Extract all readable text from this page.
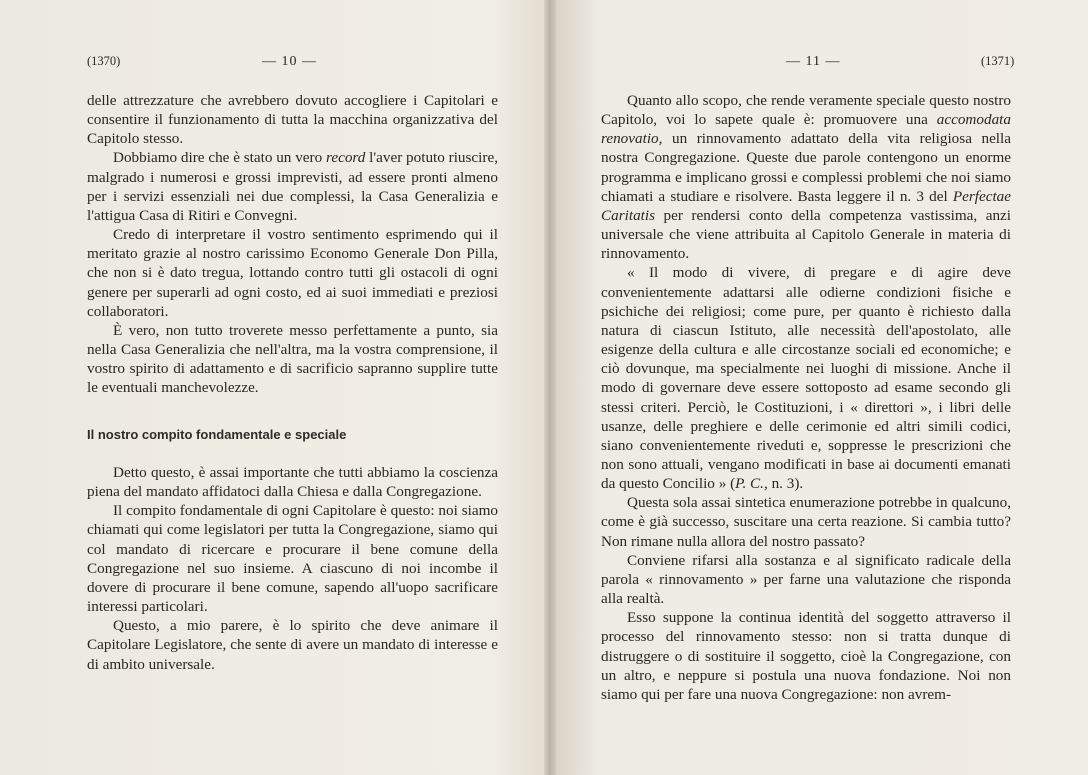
(1370)	— 10 —

delle attrezzature che avrebbero dovuto accogliere i Capitolari e consentire il funzionamento di tutta la macchina organizzativa del Capitolo stesso.

Dobbiamo dire che è stato un vero record l'aver potuto riuscire, malgrado i numerosi e grossi imprevisti, ad essere pronti almeno per i servizi essenziali nei due complessi, la Casa Generalizia e l'attigua Casa di Ritiri e Convegni.

Credo di interpretare il vostro sentimento esprimendo qui il meritato grazie al nostro carissimo Economo Generale Don Pilla, che non si è dato tregua, lottando contro tutti gli ostacoli di ogni genere per superarli ad ogni costo, ed ai suoi immediati e preziosi collaboratori.

È vero, non tutto troverete messo perfettamente a punto, sia nella Casa Generalizia che nell'altra, ma la vostra comprensione, il vostro spirito di adattamento e di sacrificio sapranno supplire tutte le eventuali manchevolezze.

Il nostro compito fondamentale e speciale

Detto questo, è assai importante che tutti abbiamo la coscienza piena del mandato affidatoci dalla Chiesa e dalla Congregazione.

Il compito fondamentale di ogni Capitolare è questo: noi siamo chiamati qui come legislatori per tutta la Congregazione, siamo qui col mandato di ricercare e procurare il bene comune della Congregazione nel suo insieme. A ciascuno di noi incombe il dovere di procurare il bene comune, sapendo all'uopo sacrificare interessi particolari.

Questo, a mio parere, è lo spirito che deve animare il Capitolare Legislatore, che sente di avere un mandato di interesse e di ambito universale.

— 11 —	(1371)

Quanto allo scopo, che rende veramente speciale questo nostro Capitolo, voi lo sapete quale è: promuovere una accomodata renovatio, un rinnovamento adattato della vita religiosa nella nostra Congregazione. Queste due parole contengono un enorme programma e implicano grossi e complessi problemi che noi siamo chiamati a studiare e risolvere. Basta leggere il n. 3 del Perfectae Caritatis per rendersi conto della competenza vastissima, anzi universale che viene attribuita al Capitolo Generale in materia di rinnovamento.

« Il modo di vivere, di pregare e di agire deve convenientemente adattarsi alle odierne condizioni fisiche e psichiche dei religiosi; come pure, per quanto è richiesto dalla natura di ciascun Istituto, alle necessità dell'apostolato, alle esigenze della cultura e alle circostanze sociali ed economiche; e ciò dovunque, ma specialmente nei luoghi di missione. Anche il modo di governare deve essere sottoposto ad esame secondo gli stessi criteri. Perciò, le Costituzioni, i « direttori », i libri delle usanze, delle preghiere e delle cerimonie ed altri simili codici, siano convenientemente riveduti e, soppresse le prescrizioni che non sono attuali, vengano modificati in base ai documenti emanati da questo Concilio » (P. C., n. 3).

Questa sola assai sintetica enumerazione potrebbe in qualcuno, come è già successo, suscitare una certa reazione. Si cambia tutto? Non rimane nulla allora del nostro passato?

Conviene rifarsi alla sostanza e al significato radicale della parola « rinnovamento » per farne una valutazione che risponda alla realtà.

Esso suppone la continua identità del soggetto attraverso il processo del rinnovamento stesso: non si tratta dunque di distruggere o di sostituire il soggetto, cioè la Congregazione, con un altro, e neppure si postula una nuova fondazione. Noi non siamo qui per fare una nuova Congregazione: non avrem-
